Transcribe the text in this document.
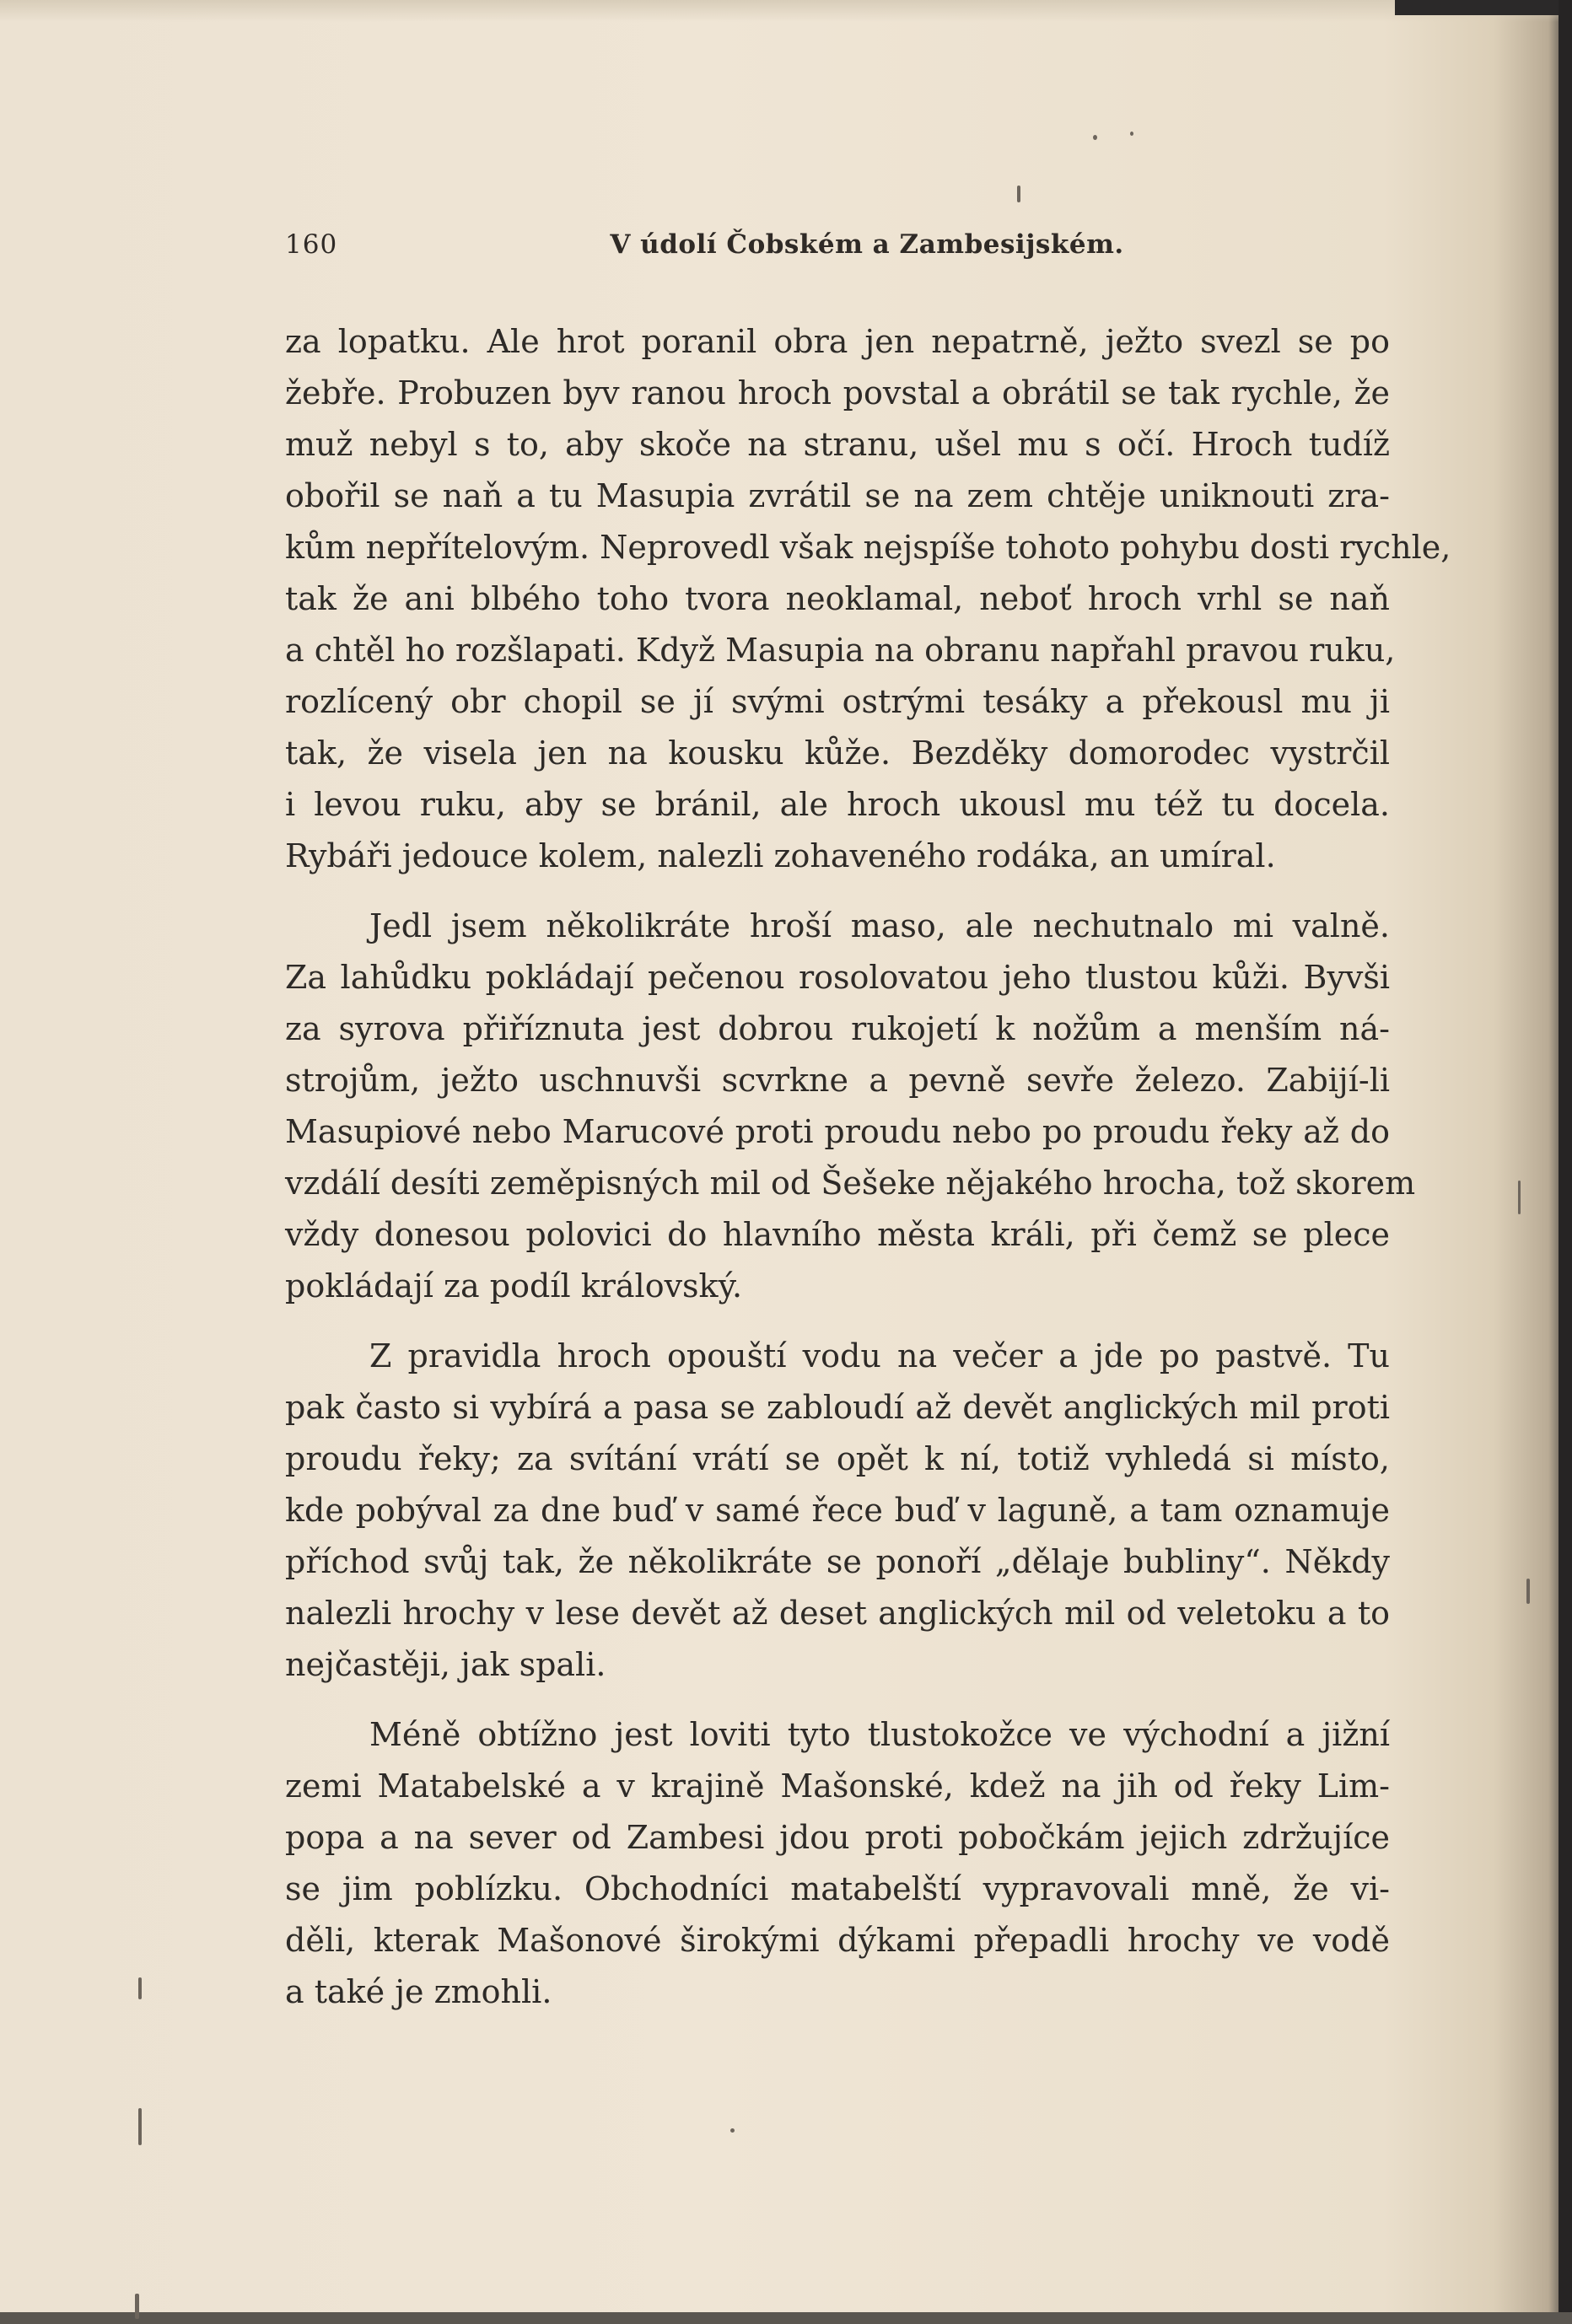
160	V údolí Čobském a Zambesijském.
za lopatku. Ale hrot poranil obra jen nepatrně, ježto svezl se po
žebře. Probuzen byv ranou hroch povstal a obrátil se tak rychle, že
muž nebyl s to, aby skoče na stranu, ušel mu s očí. Hroch tudíž
obořil se naň a tu Masupia zvrátil se na zem chtěje uniknouti zra-
kům nepřítelovým. Neprovedl však nejspíše tohoto pohybu dosti rychle,
tak že ani blbého toho tvora neoklamal, neboť hroch vrhl se naň
a chtěl ho rozšlapati. Když Masupia na obranu napřahl pravou ruku,
rozlícený obr chopil se jí svými ostrými tesáky a překousl mu ji
tak, že visela jen na kousku kůže. Bezděky domorodec vystrčil
i levou ruku, aby se bránil, ale hroch ukousl mu též tu docela.
Rybáři jedouce kolem, nalezli zohaveného rodáka, an umíral.
Jedl jsem několikráte hroší maso, ale nechutnalo mi valně.
Za lahůdku pokládají pečenou rosolovatou jeho tlustou kůži. Byvši
za syrova přiříznuta jest dobrou rukojetí k nožům a menším ná-
strojům, ježto uschnuvši scvrkne a pevně sevře železo. Zabijí-li
Masupiové nebo Marucové proti proudu nebo po proudu řeky až do
vzdálí desíti zeměpisných mil od Šešeke nějakého hrocha, tož skorem
vždy donesou polovici do hlavního města králi, při čemž se plece
pokládají za podíl královský.
Z pravidla hroch opouští vodu na večer a jde po pastvě. Tu
pak často si vybírá a pasa se zabloudí až devět anglických mil proti
proudu řeky; za svítání vrátí se opět k ní, totiž vyhledá si místo,
kde pobýval za dne buď v samé řece buď v laguně, a tam oznamuje
příchod svůj tak, že několikráte se ponoří „dělaje bubliny“. Někdy
nalezli hrochy v lese devět až deset anglických mil od veletoku a to
nejčastěji, jak spali.
Méně obtížno jest loviti tyto tlustokožce ve východní a jižní
zemi Matabelské a v krajině Mašonské, kdež na jih od řeky Lim-
popa a na sever od Zambesi jdou proti pobočkám jejich zdržujíce
se jim poblízku. Obchodníci matabelští vypravovali mně, že vi-
děli, kterak Mašonové širokými dýkami přepadli hrochy ve vodě
a také je zmohli.
